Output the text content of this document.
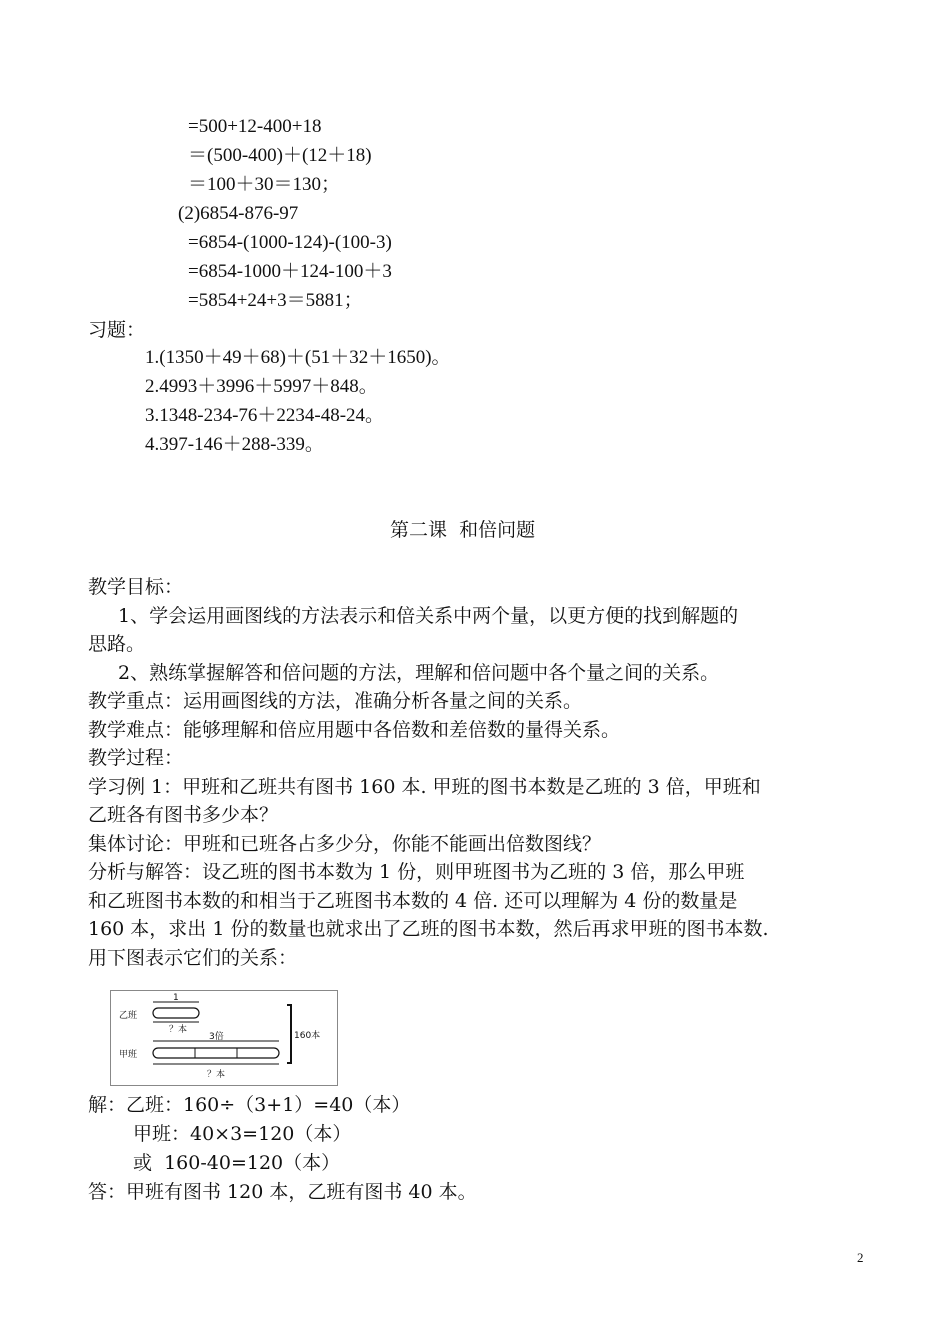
=500+12-400+18
＝(500-400)＋(12＋18)
＝100＋30＝130；
(2)6854-876-97
=6854-(1000-124)-(100-3)
=6854-1000＋124-100＋3
=5854+24+3＝5881；
习题：
1.(1350＋49＋68)＋(51＋32＋1650)。
2.4993＋3996＋5997＋848。
3.1348-234-76＋2234-48-24。
4.397-146＋288-339。
第二课  和倍问题
教学目标：
1、学会运用画图线的方法表示和倍关系中两个量，以更方便的找到解题的
思路。
2、熟练掌握解答和倍问题的方法，理解和倍问题中各个量之间的关系。
教学重点：运用画图线的方法，准确分析各量之间的关系。
教学难点：能够理解和倍应用题中各倍数和差倍数的量得关系。
教学过程：
学习例 1：甲班和乙班共有图书 160 本. 甲班的图书本数是乙班的 3 倍，甲班和
乙班各有图书多少本？
集体讨论：甲班和已班各占多少分，你能不能画出倍数图线？
分析与解答：设乙班的图书本数为 1 份，则甲班图书为乙班的 3 倍，那么甲班
和乙班图书本数的和相当于乙班图书本数的 4 倍. 还可以理解为 4 份的数量是
160 本，求出 1 份的数量也就求出了乙班的图书本数，然后再求甲班的图书本数.
用下图表示它们的关系：
乙班
1
？本
3倍
甲班
？本
160本
解：乙班：160÷（3+1）=40（本）
甲班：40×3=120（本）
或  160-40=120（本）
答：甲班有图书 120 本，乙班有图书 40 本。
2
